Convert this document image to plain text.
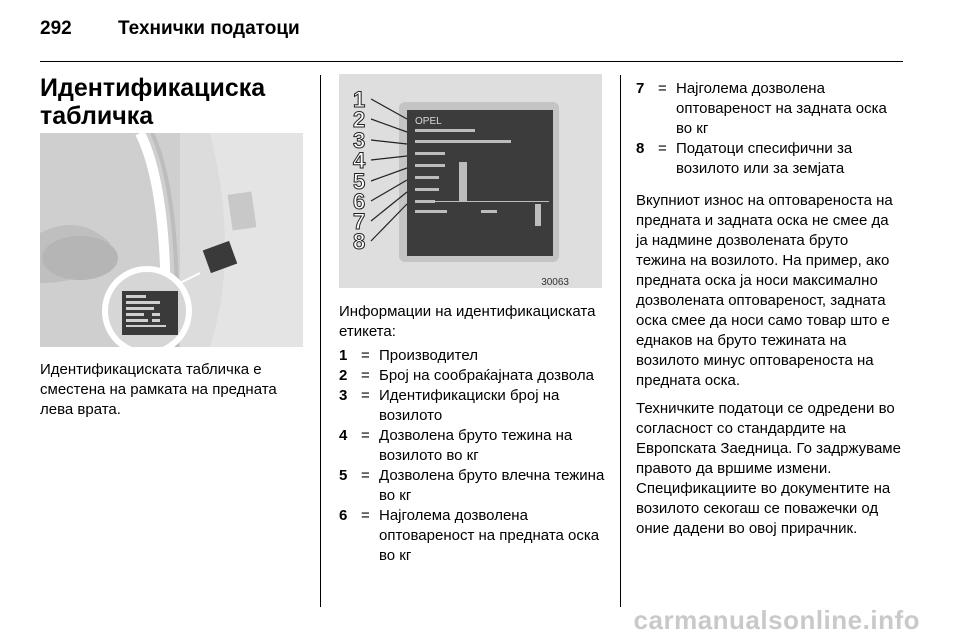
292 Технички податоци
Идентификациска табличка

Идентификациската табличка е сместена на рамката на предната лева врата.

1
2
3
4
5
6
7
8
OPEL
30063

Информации на идентификациската етикета:

1 = Производител
2 = Број на сообраќајната дозвола
3 = Идентификациски број на возилото
4 = Дозволена бруто тежина на возилото во кг
5 = Дозволена бруто влечна тежина во кг
6 = Најголема дозволена оптовареност на предната оска во кг
7 = Најголема дозволена оптовареност на задната оска во кг
8 = Податоци спесифични за возилото или за земјата

Вкупниот износ на оптовареноста на предната и задната оска не смее да ја надмине дозволената бруто тежина на возилото. На пример, ако предната оска ја носи максимално дозволената оптовареност, задната оска смее да носи само товар што е еднаков на бруто тежината на возилото минус оптовареноста на предната оска.

Техничките податоци се одредени во согласност со стандардите на Европската Заедница. Го задржуваме правото да вршиме измени. Спецификациите во документите на возилото секогаш се поважечки од оние дадени во овој прирачник.

carmanualsonline.info
